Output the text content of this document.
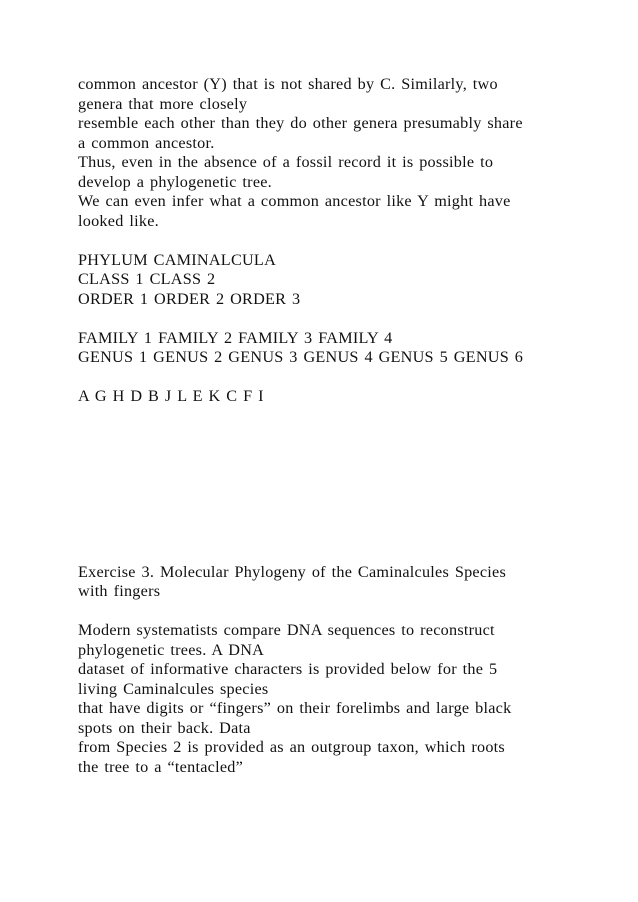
common ancestor (Y) that is not shared by C. Similarly, two
genera that more closely
resemble each other than they do other genera presumably share
a common ancestor.
Thus, even in the absence of a fossil record it is possible to
develop a phylogenetic tree.
We can even infer what a common ancestor like Y might have
looked like.
PHYLUM CAMINALCULA
CLASS 1 CLASS 2
ORDER 1 ORDER 2 ORDER 3
FAMILY 1 FAMILY 2 FAMILY 3 FAMILY 4
GENUS 1 GENUS 2 GENUS 3 GENUS 4 GENUS 5 GENUS 6
A G H D B J L E K C F I
Exercise 3. Molecular Phylogeny of the Caminalcules Species
with fingers
Modern systematists compare DNA sequences to reconstruct
phylogenetic trees. A DNA
dataset of informative characters is provided below for the 5
living Caminalcules species
that have digits or “fingers” on their forelimbs and large black
spots on their back. Data
from Species 2 is provided as an outgroup taxon, which roots
the tree to a “tentacled”
